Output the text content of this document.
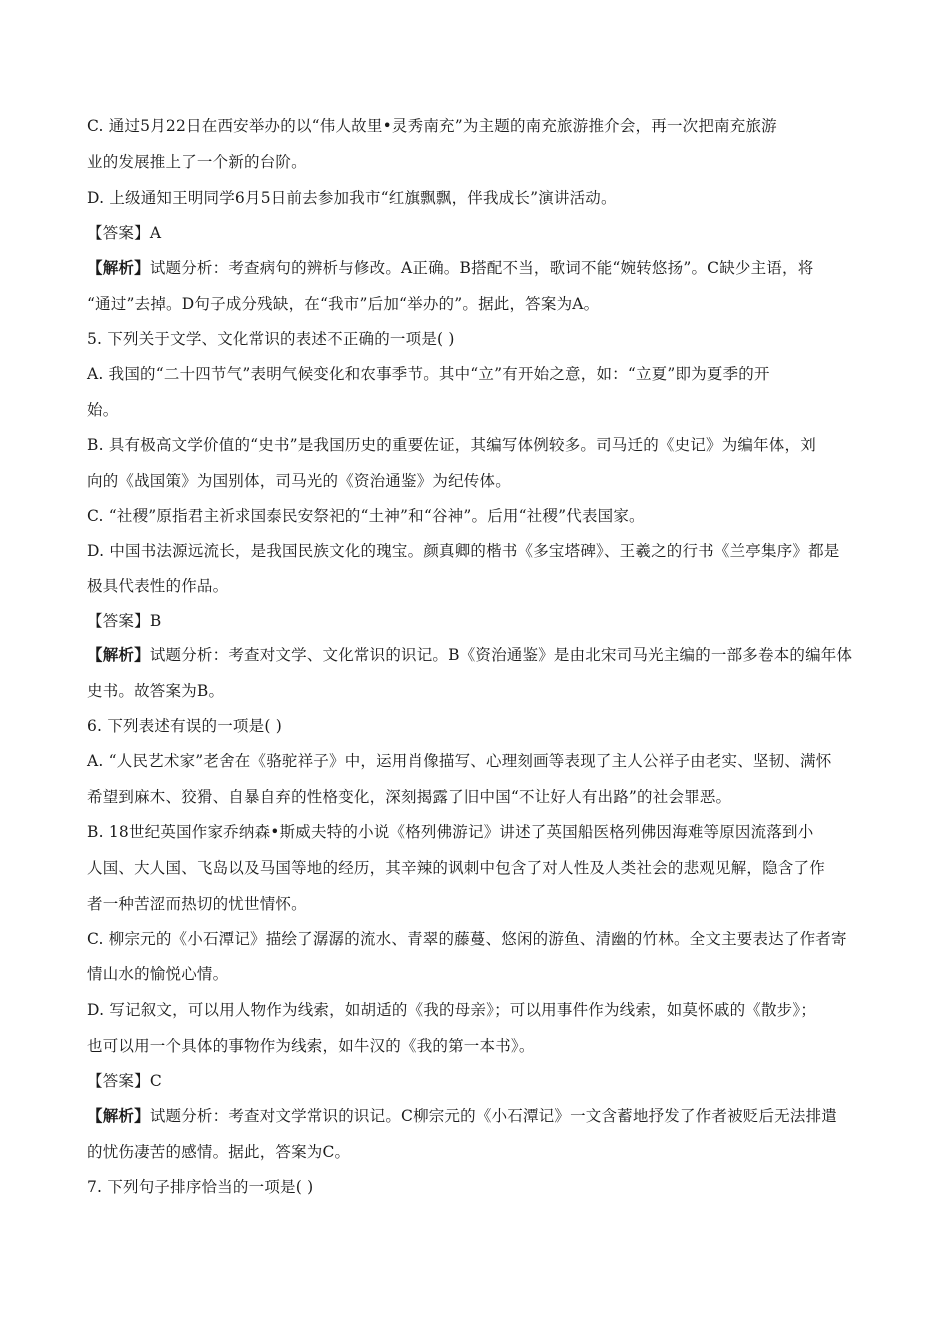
C. 通过5月22日在西安举办的以“伟人故里•灵秀南充”为主题的南充旅游推介会，再一次把南充旅游
业的发展推上了一个新的台阶。
D. 上级通知王明同学6月5日前去参加我市“红旗飘飘，伴我成长”演讲活动。
【答案】A
【解析】试题分析：考查病句的辨析与修改。A正确。B搭配不当，歌词不能“婉转悠扬”。C缺少主语，将
“通过”去掉。D句子成分残缺，在“我市”后加“举办的”。据此，答案为A。
5. 下列关于文学、文化常识的表述不正确的一项是( )
A. 我国的“二十四节气”表明气候变化和农事季节。其中“立”有开始之意，如：“立夏”即为夏季的开
始。
B. 具有极高文学价值的“史书”是我国历史的重要佐证，其编写体例较多。司马迁的《史记》为编年体，刘
向的《战国策》为国别体，司马光的《资治通鉴》为纪传体。
C. “社稷”原指君主祈求国泰民安祭祀的“土神”和“谷神”。后用“社稷”代表国家。
D. 中国书法源远流长，是我国民族文化的瑰宝。颜真卿的楷书《多宝塔碑》、王羲之的行书《兰亭集序》都是
极具代表性的作品。
【答案】B
【解析】试题分析：考查对文学、文化常识的识记。B《资治通鉴》是由北宋司马光主编的一部多卷本的编年体
史书。故答案为B。
6. 下列表述有误的一项是( )
A. “人民艺术家”老舍在《骆驼祥子》中，运用肖像描写、心理刻画等表现了主人公祥子由老实、坚韧、满怀
希望到麻木、狡猾、自暴自弃的性格变化，深刻揭露了旧中国“不让好人有出路”的社会罪恶。
B. 18世纪英国作家乔纳森•斯威夫特的小说《格列佛游记》讲述了英国船医格列佛因海难等原因流落到小
人国、大人国、飞岛以及马国等地的经历，其辛辣的讽刺中包含了对人性及人类社会的悲观见解，隐含了作
者一种苦涩而热切的忧世情怀。
C. 柳宗元的《小石潭记》描绘了潺潺的流水、青翠的藤蔓、悠闲的游鱼、清幽的竹林。全文主要表达了作者寄
情山水的愉悦心情。
D. 写记叙文，可以用人物作为线索，如胡适的《我的母亲》；可以用事件作为线索，如莫怀戚的《散步》；
也可以用一个具体的事物作为线索，如牛汉的《我的第一本书》。
【答案】C
【解析】试题分析：考查对文学常识的识记。C柳宗元的《小石潭记》一文含蓄地抒发了作者被贬后无法排遣
的忧伤凄苦的感情。据此，答案为C。
7. 下列句子排序恰当的一项是( )
